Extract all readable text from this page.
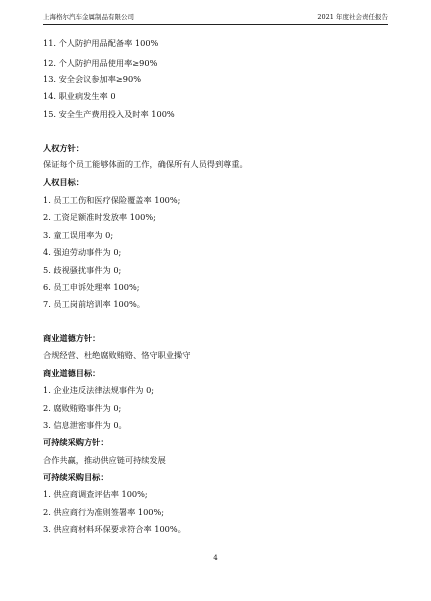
上海格尔汽车金属制品有限公司	2021 年度社会责任报告
11. 个人防护用品配备率 100%
12. 个人防护用品使用率≥90%
13. 安全会议参加率≥90%
14. 职业病发生率 0
15. 安全生产费用投入及时率 100%
人权方针：
保证每个员工能够体面的工作，确保所有人员得到尊重。
人权目标：
1. 员工工伤和医疗保险覆盖率 100%;
2. 工资足额准时发放率 100%;
3. 童工误用率为 0;
4. 强迫劳动事件为 0;
5. 歧视骚扰事件为 0;
6. 员工申诉处理率 100%;
7. 员工岗前培训率 100%。
商业道德方针：
合规经营、杜绝腐败贿赂、恪守职业操守
商业道德目标：
1. 企业违反法律法规事件为 0;
2. 腐败贿赂事件为 0;
3. 信息泄密事件为 0。
可持续采购方针：
合作共赢，推动供应链可持续发展
可持续采购目标：
1. 供应商调查评估率 100%;
2. 供应商行为准则签署率 100%;
3. 供应商材料环保要求符合率 100%。
4
